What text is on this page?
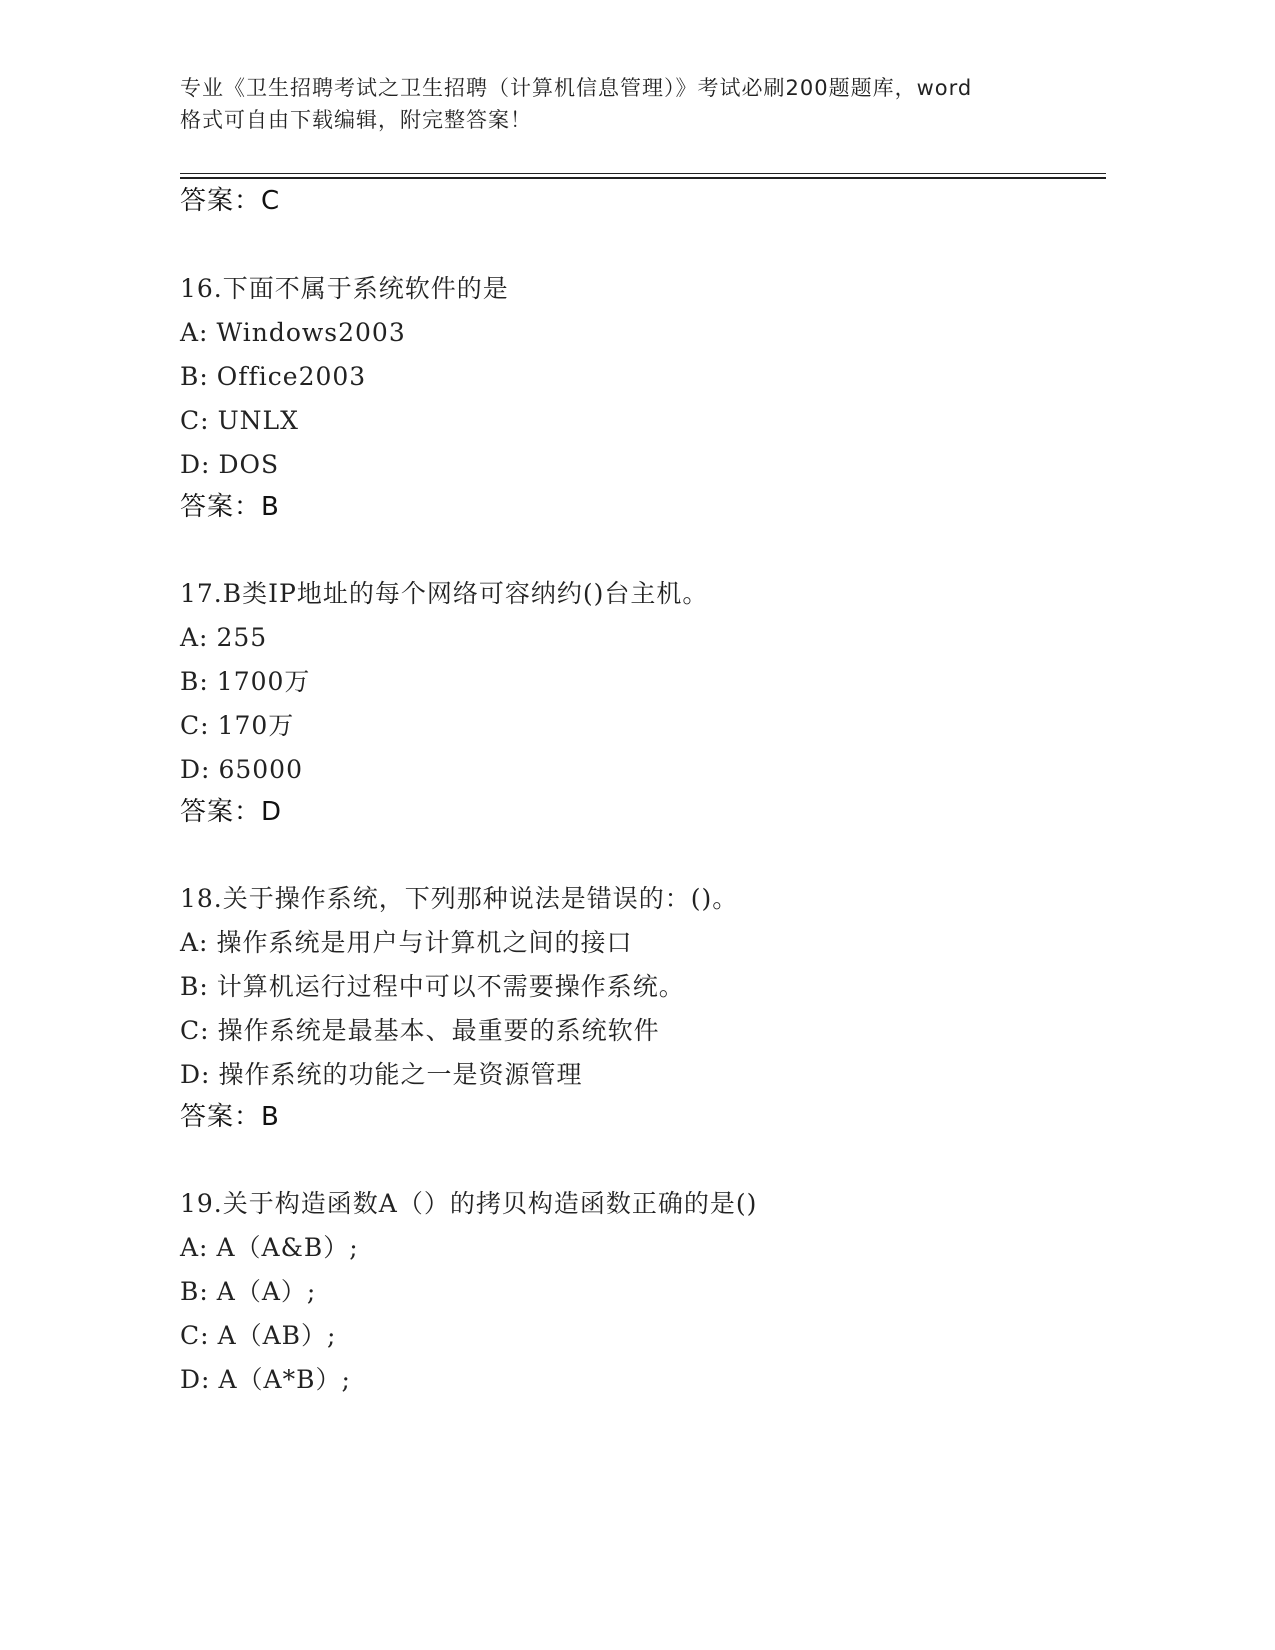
专业《卫生招聘考试之卫生招聘（计算机信息管理）》考试必刷200题题库，word
格式可自由下载编辑，附完整答案！
答案：C
16.下面不属于系统软件的是
A: Windows2003
B: Office2003
C: UNLX
D: DOS
答案：B
17.B类IP地址的每个网络可容纳约()台主机。
A: 255
B: 1700万
C: 170万
D: 65000
答案：D
18.关于操作系统，下列那种说法是错误的：()。
A: 操作系统是用户与计算机之间的接口
B: 计算机运行过程中可以不需要操作系统。
C: 操作系统是最基本、最重要的系统软件
D: 操作系统的功能之一是资源管理
答案：B
19.关于构造函数A（）的拷贝构造函数正确的是()
A: A（A&B）;
B: A（A）;
C: A（AB）;
D: A（A*B）;
